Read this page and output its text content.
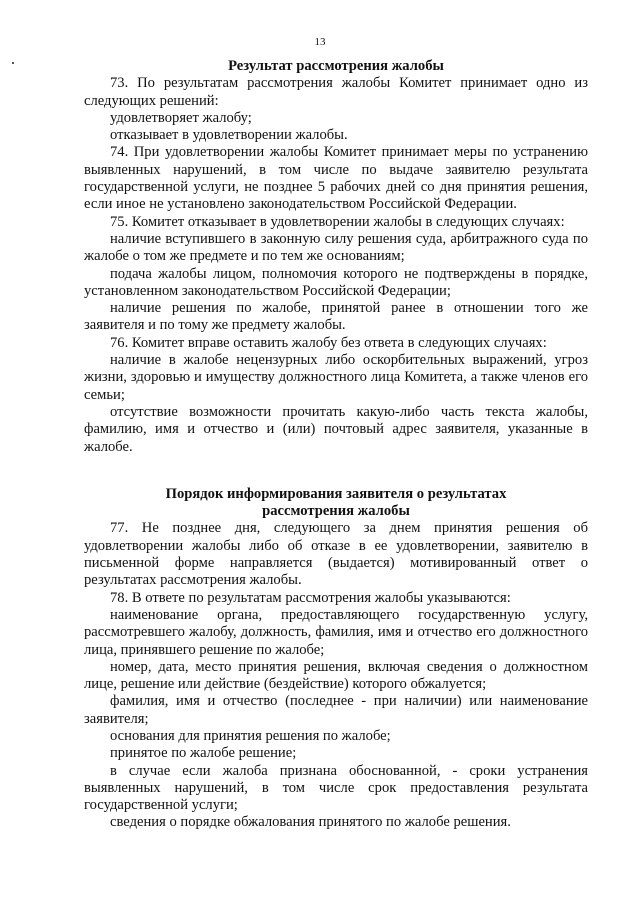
13

Результат рассмотрения жалобы

73. По результатам рассмотрения жалобы Комитет принимает одно из следующих решений:

удовлетворяет жалобу;

отказывает в удовлетворении жалобы.

74. При удовлетворении жалобы Комитет принимает меры по устранению выявленных нарушений, в том числе по выдаче заявителю результата государственной услуги, не позднее 5 рабочих дней со дня принятия решения, если иное не установлено законодательством Российской Федерации.

75. Комитет отказывает в удовлетворении жалобы в следующих случаях:

наличие вступившего в законную силу решения суда, арбитражного суда по жалобе о том же предмете и по тем же основаниям;

подача жалобы лицом, полномочия которого не подтверждены в порядке, установленном законодательством Российской Федерации;

наличие решения по жалобе, принятой ранее в отношении того же заявителя и по тому же предмету жалобы.

76. Комитет вправе оставить жалобу без ответа в следующих случаях:

наличие в жалобе нецензурных либо оскорбительных выражений, угроз жизни, здоровью и имуществу должностного лица Комитета, а также членов его семьи;

отсутствие возможности прочитать какую-либо часть текста жалобы, фамилию, имя и отчество и (или) почтовый адрес заявителя, указанные в жалобе.

Порядок информирования заявителя о результатах

рассмотрения жалобы

77. Не позднее дня, следующего за днем принятия решения об удовлетворении жалобы либо об отказе в ее удовлетворении, заявителю в письменной форме направляется (выдается) мотивированный ответ о результатах рассмотрения жалобы.

78. В ответе по результатам рассмотрения жалобы указываются:

наименование органа, предоставляющего государственную услугу, рассмотревшего жалобу, должность, фамилия, имя и отчество его должностного лица, принявшего решение по жалобе;

номер, дата, место принятия решения, включая сведения о должностном лице, решение или действие (бездействие) которого обжалуется;

фамилия, имя и отчество (последнее - при наличии) или наименование заявителя;

основания для принятия решения по жалобе;

принятое по жалобе решение;

в случае если жалоба признана обоснованной, - сроки устранения выявленных нарушений, в том числе срок предоставления результата государственной услуги;

сведения о порядке обжалования принятого по жалобе решения.
